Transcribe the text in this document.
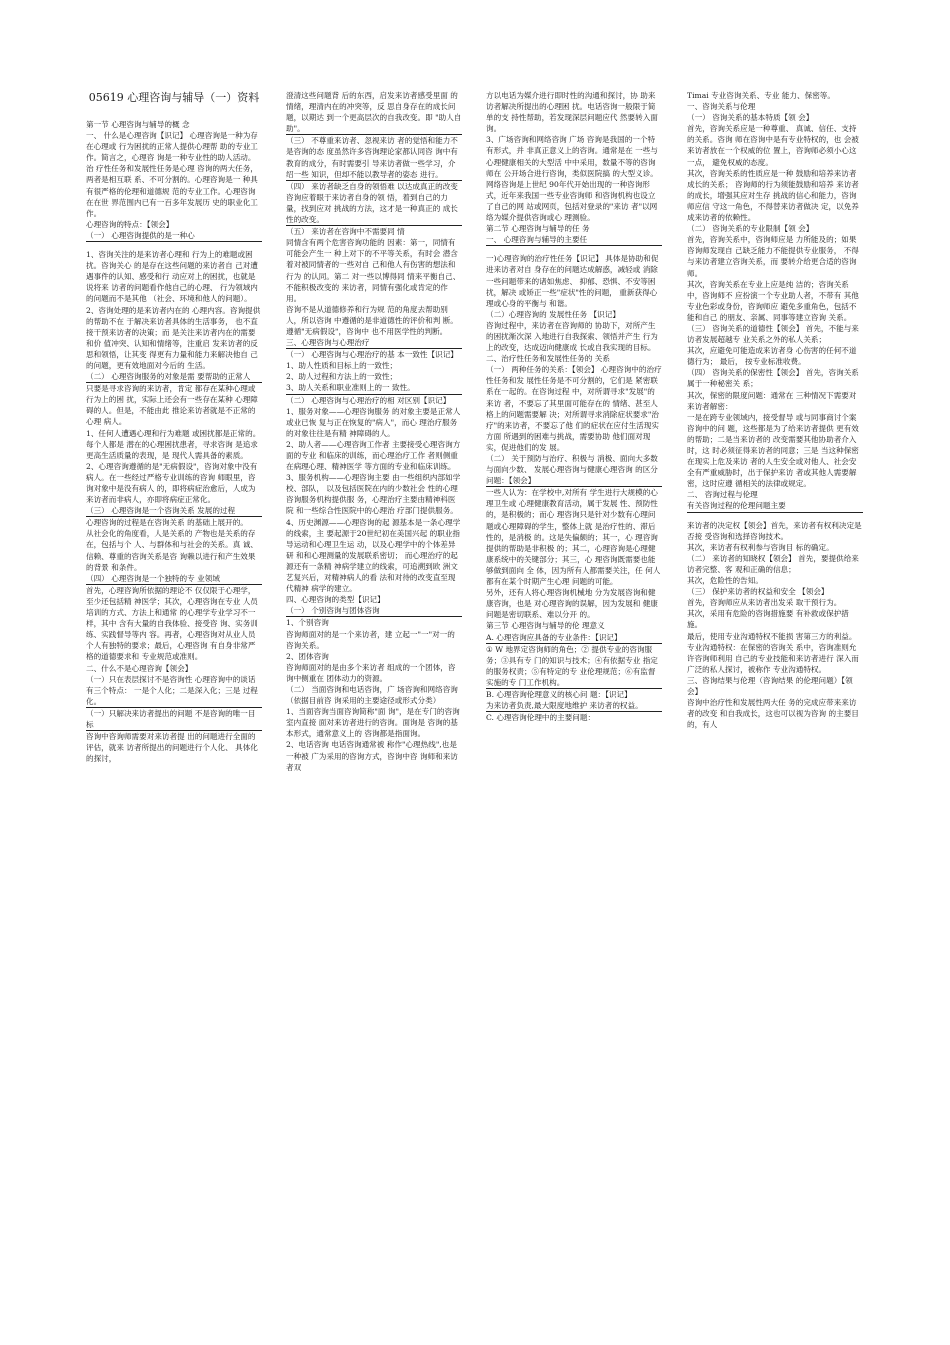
05619 心理咨询与辅导（一）资料

第一节 心理咨询与辅导的概 念

一、 什么是心理咨询【识记】 心理咨询是一种为存在心理或 行为困扰的正常人提供心理帮 助的专业工作。简言之，心理咨 询是一种专业性的助人活动。治 疗性任务和发展性任务是心理 咨询的两大任务，两者是相互联 系、不可分割的。心理咨询是一 种具有很严格的伦理和道德规 范的专业工作。心理咨询在在世 界范围内已有一百多年发展历 史的职业化工作。

心理咨询的特点：【领会】

（一） 心理咨询提供的是一种心

1、咨询关注的是来访者心理和 行为上的难题或困扰。咨询关心 的是存在这些问题的来访者自 己对遭遇事件的认知、感受和行 动应对上的困扰，也就是说将来 访者的问题看作他自己的心理、 行为领域内的问题而不是其他 （社会、环境和他人的问题）。

2、咨询处理的是来访者内在的 心理内容。咨询提供的帮助不在 于解决来访者具体的生活事务， 也不直接干预来访者的决策；而 是关注来访者内在的需要和价 值冲突、认知和情绪等，注重启 发来访者的反思和领悟，让其变 得更有力量和能力来解决他自 己的问题，更有效地面对今后的 生活。

（二） 心理咨询服务的对象是需 要帮助的正常人

只要是寻求咨询的来访者，肯定 都存在某种心理或行为上的困 扰，实际上还会有一些存在某种 心理障碍的人。但是，不能由此 推论来访者就是不正常的心理 病人。

1、任何人遭遇心理和行为难题 或困扰都是正常的。每个人都是 潜在的心理困扰患者，寻求咨询 是追求更高生活质量的表现，是 现代人需具备的素质。

2、心理咨询遵循的是"无病假设"，咨询对象中没有病人。在一些经过严格专业训练的咨询 师眼里，咨询对象中是没有病人 的，即将病症治愈后，人成为来访者而非病人，亦即将病症正常化。

（三） 心理咨询是一个咨询关系 发展的过程

心理咨询的过程是在咨询关系 的基础上展开的。

从社会化的角度看，人是关系的 产物也是关系的存在，包括与个 人、与群体和与社会的关系。真 诚、信赖、尊重的咨询关系是咨 询赖以进行和产生效果的背景 和条件。

（四） 心理咨询是一个独特的专 业领域

首先，心理咨询所依据的理论不 仅仅限于心理学，至少还包括精 神医学；其次，心理咨询在专业 人员培训的方式、方法上和通常 的心理学专业学习不一样，其中 含有大量的自我体验、接受咨 询、实务训练、实践督导等内 容。再者，心理咨询对从业人员个人有独特的要求；最后，心理咨询 有自身非常严格的道德要求和 专业规范或准则。

二、什么不是心理咨询【领会】

（一）只在表层探讨不是咨询性 心理咨询中的谈话有三个特点： 一是个人化；二是深入化；三是 过程化。

（一）只解决来访者提出的问题 不是咨询的唯一目标

咨询中咨询师需要对来访者提 出的问题进行全面的评估，就来 访者所提出的问题进行个人化、 具体化的探讨，

澄清这些问题背 后的东西，启发来访者感受里面 的情绪，理清内在的冲突等，反 思自身存在的成长问题，以期达 到一个更高层次的自我改变。即 "助人自助"。

（三） 不尊重来访者、忽视来访 者的觉悟和能力不是咨询的态 度虽然许多咨询理论家都认同咨 询中有教育的成分，有时需要引 导来访者做一些学习，介绍一些 知识，但却不能以教导者的姿态 进行。

（四） 来访者缺乏自身的领悟难 以达成真正的改变

咨询应着眼于来访者自身的领 悟，着到自己的力量，找到应对 挑战的方法，这才是一种真正的 成长性的改变。

（五） 来访者在咨询中不需要同 情

同情含有两个危害咨询功能的 因素：第一，同情有可能会产生一 种上对下的不平等关系，有时会 潜含着对被同情者的一些对自 己和他人有伤害的想法和行为 的认同。第二 对一些以博得同 情来平衡自己、不能积极改变的 来访者，同情有强化或肯定的作 用。

咨询不是从道德修养和行为规 范的角度去帮助别人，所以咨询 中遵循的是非道德性的评价和判 断。遵循"无病假设"，咨询中 也不用医学性的判断。

三、心理咨询与心理治疗

（一） 心理咨询与心理治疗的基 本一致性【识记】

1、助人性质和目标上的一致性；

2、助人过程和方法上的一致性；

3、助人关系和职业准则上的一 致性。

（二） 心理咨询与心理治疗的相 对区别【识记】

1、服务对象——心理咨询服务 的对象主要是正常人或业已恢 复与正在恢复的"病人"，而心 理治疗服务的对象往往是有精 神障碍的人。

2、助人者——心理咨询工作者 主要接受心理咨询方面的专业 和临床的训练，而心理治疗工作 者则侧重在病理心理、精神医学 等方面的专业和临床训练。

3、服务机构——心理咨询主要 由一些组织内部如学校、部队， 以及包括医院在内的少数社会 性的心理咨询服务机构提供服 务，心理治疗主要由精神科医院 和一些综合性医院中的心理治 疗部门提供服务。

4、历史渊源——心理咨询的起 源基本是一条心理学的线索，主 要起源于20世纪初在美国兴起 的职业指导运动和心理卫生运 动，以及心理学中的个体差异研 和和心理测量的发展联系密切； 而心理治疗的起源还有一条精 神病学建立的线索，可追溯到欧 洲文艺复兴后，对精神病人的看 法和对待的改变直至现代精神 病学的建立。

四、心理咨询的类型【识记】

（一） 个别咨询与团体咨询

1、个别咨询

咨询师面对的是一个来访者，建 立起一"一"对一的咨询关系。

2、团体咨询

咨询师面对的是由多个来访者 组成的一个团体，咨询中侧重在 团体动力的资源。

（二） 当面咨询和电话咨询，广 场咨询和网络咨询（依据目前咨 询采用的主要途径或形式分类）

1、当面咨询当面咨询简称"面 询"，是在专门的咨询室内直接 面对来访者进行的咨询。面询是 咨询的基本形式，通常意义上的 咨询都是指面询。

2、电话咨询 电话咨询通常被 称作"心理热线",也是一种被 广为采用的咨询方式，咨询中咨 询师和来访者双

方以电话为媒介进行即时性的沟通和探讨，协 助来访者解决所提出的心理困 扰。电话咨询一般限于简单的支 持性帮助，若发现深层问题应代 然要转入面询。

3、广场咨询和网络咨询 广场 咨询是我国的一个特有形式，并 非真正意义上的咨询。通常是在 一些与心理健康相关的大型活 中中采用，数量不等的咨询师在 公开场合进行咨询，类似医院搞 的大型义诊。网络咨询是上世纪 90年代开始出现的一种咨询形 式，近年来我国一些专业咨询师 和咨询机构也设立了自己的网 站或网页，包括对登录的"来访 者"以网络为媒介提供咨询或心 理测验。

第二节 心理咨询与辅导的任 务

一、 心理咨询与辅导的主要任

一)心理咨询的治疗性任务【识记】 具体是协助和促进来访者对自 身存在的问题达成解惑，减轻或 消除一些问题带来的诸如焦虑、 抑郁、恐惧、不安等困扰，解决 或矫正一些"症状"性的问题， 重新获得心理或心身的平衡与 和谐。

（二）心理咨询的 发展性任务 【识记】

咨询过程中，来访者在咨询师的 协助下，对所产生的困扰渐次深 入地进行自我探索、领悟并产生 行为上的改变，达成迈向健康成 长或自我实现的目标。

二、治疗性任务和发展性任务的 关系

（一） 两种任务的关系：【领会】 心理咨询中的治疗性任务和发 展性任务是不可分割的，它们是 紧密联系在一起的。在咨询过程 中，对所谓寻求"发展"的来访 者，不要忘了其里面可能存在的 情绪、甚至人格上的问题需要解 决；对所谓寻求消除症状要求"治疗"的来访者，不要忘了他 们的症状在应付生活现实方面 所遇到的困难与挑战，需要协助 他们面对现实，促进他们的发 展。

（二） 关于预防与治疗、积极与 消极、面向大多数与面向少数、 发展心理咨询与健康心理咨询 的区分问题：【领会】

一些人认为：在学校中,对所有 学生进行大规模的心理卫生或 心理健康教育活动，属于发展 性、预防性的，是积极的；而心 理咨询只是针对少数有心理问 题或心理障碍的学生，整体上就 是治疗性的、滞后性的，是消极 的。这是失偏颇的；其一，心 理咨询提供的帮助是非积极 的；其二，心理咨询是心理健 康系统中的关键部分；其三，心 理咨询既需要也能够做到面向 全 体，因为所有人都需要关注，任 何人都有在某个时期产生心理 问题的可能。

另外，还有人将心理咨询机械地 分为发展咨询和健康咨询，也是 对心理咨询的误解，因为发展和 健康问题是密切联系、难以分开 的。

第三节 心理咨询与辅导的伦 理意义

A. 心理咨询应具备的专业条件：【识记】

① W 地界定咨询师的角色；② 提供专业的咨询服务；③具有专 门的知识与技术；④有依据专业 指定的服务权责；⑤有特定的专 业伦理规范；⑥有监督实施的专 门工作机构。

B. 心理咨询伦理意义的核心问 题：【识记】

为来访者负责,最大限度地维护 来访者的权益。

C. 心理咨询伦理中的主要问题：

Timai 专业咨询关系、专业 能力、保密等。

一、咨询关系与伦理

（一） 咨询关系的基本特质【领 会】

首先，咨询关系应是一种尊重、 真诚、信任、支持的关系。咨询 师在咨询中是有专业特权的，也 会被来访者放在一个权威的位 置上，咨询师必须小心这一点， 避免权威的态度。

其次，咨询关系的性质应是一种 鼓励和培养来访者成长的关系； 咨询师的行为须能鼓励和培养 来访者的成长，增强其应对生存 挑战的信心和能力，咨询师应信 守这一角色，不得替来访者做决 定，以免养成来访者的依赖性。

（二） 咨询关系的专业限制【领 会】

首先，咨询关系中，咨询师应是 力所能及的；如果咨询师发现自 己缺乏能力不能提供专业服务， 不得与来访者建立咨询关系，而 要转介给更合适的咨询师。

其次，咨询关系在专业上应是纯 洁的；咨询关系中，咨询师不 应扮演一个专业助人者，不带有 其他专业色彩或身份，咨询师应 避免多重角色，包括不能和自己 的朋友、亲属、同事等建立咨询 关系。

（三） 咨询关系的道德性【领会】 首先，不能与来访者发展超越专 业关系之外的私人关系；

其次，应避免可能造成来访者身 心伤害的任何不道德行为； 最后， 按专业标准收费。

（四） 咨询关系的保密性【领会】 首先，咨询关系属于一种秘密关 系；

其次，保密的限度问题：通常在 三种情况下需要对来访者解密：

一是在跨专业领域内，接受督导 或与同事商讨个案咨询中的问 题，这些都是为了给来访者提供 更有效的帮助；二是当来访者的 改变需要其他协助者介入时，这 时必须征得来访者的同意；三是 当这种保密在现实上危及来访 者的人生安全或对他人、社会安 全有严重威胁时，出于保护来访 者或其他人需要解密，这时应遵 循相关的法律或规定。

二、 咨询过程与伦理

有关咨询过程的伦理问题主要

来访者的决定权【领会】首先，来访者有权利决定是否接 受咨询和选择咨询技术。

其次，来访者有权利参与咨询目 标的确定。

（二） 来访者的知晓权【领会】 首先，要提供给来访者完整、客 观和正确的信息；

其次，危险性的告知。

（三） 保护来访者的权益和安全 【领会】

首先，咨询师应从来访者出发采 取干预行为。

其次，采用有危险的咨询措施要 有补救或保护措施。

最后，使用专业沟通特权不能损 害第三方的利益。

专业沟通特权：在保密的咨询关 系中，咨询准则允许咨询师利用 自己的专业技能和来访者进行 深入而广泛的私人探讨，被称作 专业沟通特权。

三、咨询结果与伦理（咨询结果 的伦理问题）【领会】

咨询中治疗性和发展性两大任 务的完成应带来来访者的改变 和自我成长，这也可以视为咨询 的主要目的，有人
